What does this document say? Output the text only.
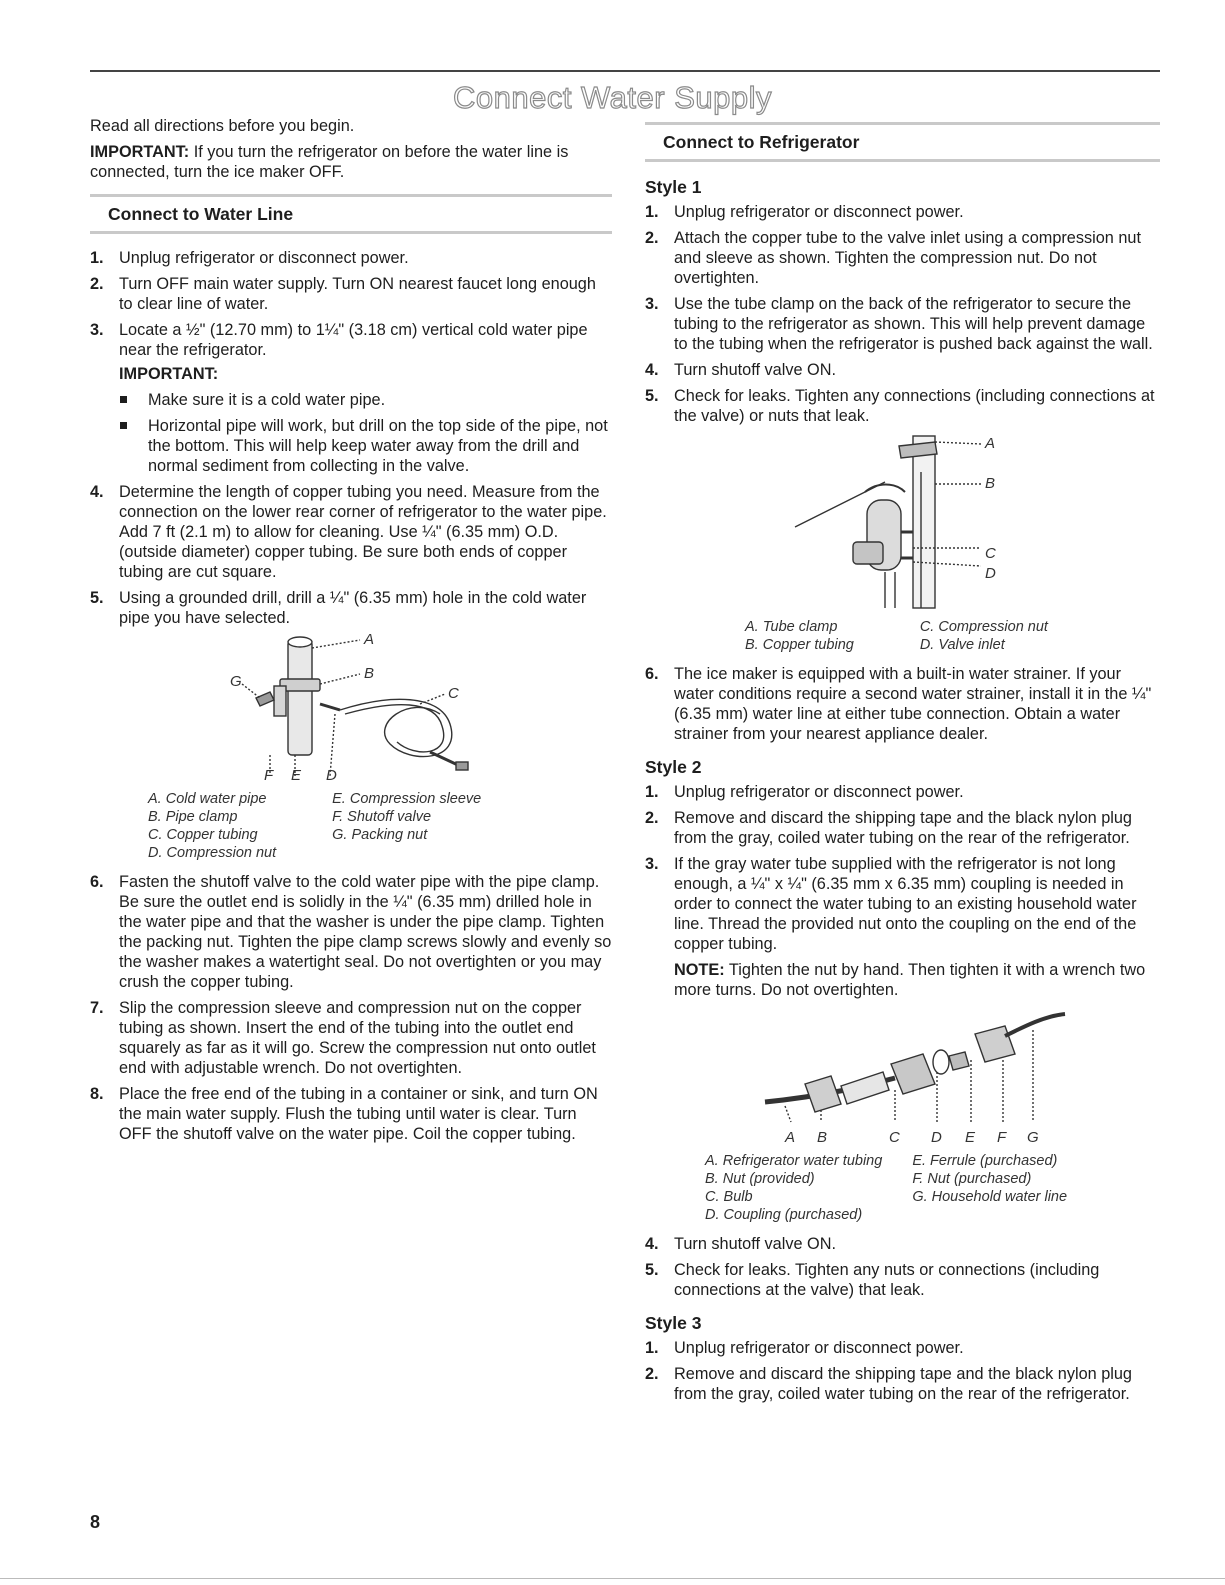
Connect Water Supply

Read all directions before you begin.

IMPORTANT: If you turn the refrigerator on before the water line is connected, turn the ice maker OFF.

Connect to Water Line
1. Unplug refrigerator or disconnect power.
2. Turn OFF main water supply. Turn ON nearest faucet long enough to clear line of water.
3. Locate a ½" (12.70 mm) to 1¼" (3.18 cm) vertical cold water pipe near the refrigerator.
IMPORTANT:
Make sure it is a cold water pipe.
Horizontal pipe will work, but drill on the top side of the pipe, not the bottom. This will help keep water away from the drill and normal sediment from collecting in the valve.
4. Determine the length of copper tubing you need. Measure from the connection on the lower rear corner of refrigerator to the water pipe. Add 7 ft (2.1 m) to allow for cleaning. Use ¼" (6.35 mm) O.D. (outside diameter) copper tubing. Be sure both ends of copper tubing are cut square.
5. Using a grounded drill, drill a ¼" (6.35 mm) hole in the cold water pipe you have selected.
A
B
C
G
F E D
A. Cold water pipe
B. Pipe clamp
C. Copper tubing
D. Compression nut
E. Compression sleeve
F. Shutoff valve
G. Packing nut
6. Fasten the shutoff valve to the cold water pipe with the pipe clamp. Be sure the outlet end is solidly in the ¼" (6.35 mm) drilled hole in the water pipe and that the washer is under the pipe clamp. Tighten the packing nut. Tighten the pipe clamp screws slowly and evenly so the washer makes a watertight seal. Do not overtighten or you may crush the copper tubing.
7. Slip the compression sleeve and compression nut on the copper tubing as shown. Insert the end of the tubing into the outlet end squarely as far as it will go. Screw the compression nut onto outlet end with adjustable wrench. Do not overtighten.
8. Place the free end of the tubing in a container or sink, and turn ON the main water supply. Flush the tubing until water is clear. Turn OFF the shutoff valve on the water pipe. Coil the copper tubing.
Connect to Refrigerator
Style 1
1. Unplug refrigerator or disconnect power.
2. Attach the copper tube to the valve inlet using a compression nut and sleeve as shown. Tighten the compression nut. Do not overtighten.
3. Use the tube clamp on the back of the refrigerator to secure the tubing to the refrigerator as shown. This will help prevent damage to the tubing when the refrigerator is pushed back against the wall.
4. Turn shutoff valve ON.
5. Check for leaks. Tighten any connections (including connections at the valve) or nuts that leak.
A
B
C
D
A. Tube clamp
B. Copper tubing
C. Compression nut
D. Valve inlet
6. The ice maker is equipped with a built-in water strainer. If your water conditions require a second water strainer, install it in the ¼" (6.35 mm) water line at either tube connection. Obtain a water strainer from your nearest appliance dealer.
Style 2
1. Unplug refrigerator or disconnect power.
2. Remove and discard the shipping tape and the black nylon plug from the gray, coiled water tubing on the rear of the refrigerator.
3. If the gray water tube supplied with the refrigerator is not long enough, a ¼" x ¼" (6.35 mm x 6.35 mm) coupling is needed in order to connect the water tubing to an existing household water line. Thread the provided nut onto the coupling on the end of the copper tubing.

NOTE: Tighten the nut by hand. Then tighten it with a wrench two more turns. Do not overtighten.

A B	C D E F G
A. Refrigerator water tubing
B. Nut (provided)
C. Bulb
D. Coupling (purchased)
E. Ferrule (purchased)
F. Nut (purchased)
G. Household water line
4. Turn shutoff valve ON.
5. Check for leaks. Tighten any nuts or connections (including connections at the valve) that leak.
Style 3
1. Unplug refrigerator or disconnect power.
2. Remove and discard the shipping tape and the black nylon plug from the gray, coiled water tubing on the rear of the refrigerator.
8
